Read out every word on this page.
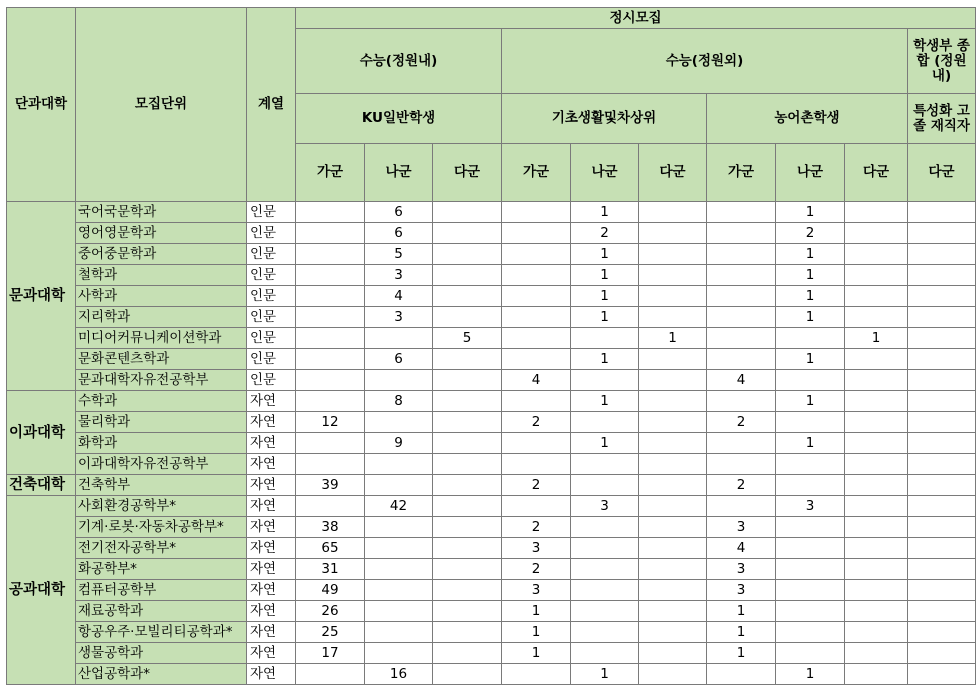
단과대학	모집단위	계열	정시모집									
			수능(정원내)			수능(정원외)						학생부 종합 (정원내)
			KU일반학생			기초생활및차상위			농어촌학생			특성화 고졸 재직자
			가군	나군	다군	가군	나군	다군	가군	나군	다군	다군
문과대학	국어국문학과	인문		6			1			1		
	영어영문학과	인문		6			2			2		
	중어중문학과	인문		5			1			1		
	철학과	인문		3			1			1		
	사학과	인문		4			1			1		
	지리학과	인문		3			1			1		
	미디어커뮤니케이션학과	인문			5			1			1	
	문화콘텐츠학과	인문		6			1			1		
	문과대학자유전공학부	인문				4			4			
이과대학	수학과	자연		8			1			1		
	물리학과	자연	12			2			2			
	화학과	자연		9			1			1		
	이과대학자유전공학부	자연										
건축대학	건축학부	자연	39			2			2			
공과대학	사회환경공학부*	자연		42			3			3		
	기계·로봇·자동차공학부*	자연	38			2			3			
	전기전자공학부*	자연	65			3			4			
	화공학부*	자연	31			2			3			
	컴퓨터공학부	자연	49			3			3			
	재료공학과	자연	26			1			1			
	항공우주·모빌리티공학과*	자연	25			1			1			
	생물공학과	자연	17			1			1			
	산업공학과*	자연		16			1			1		
